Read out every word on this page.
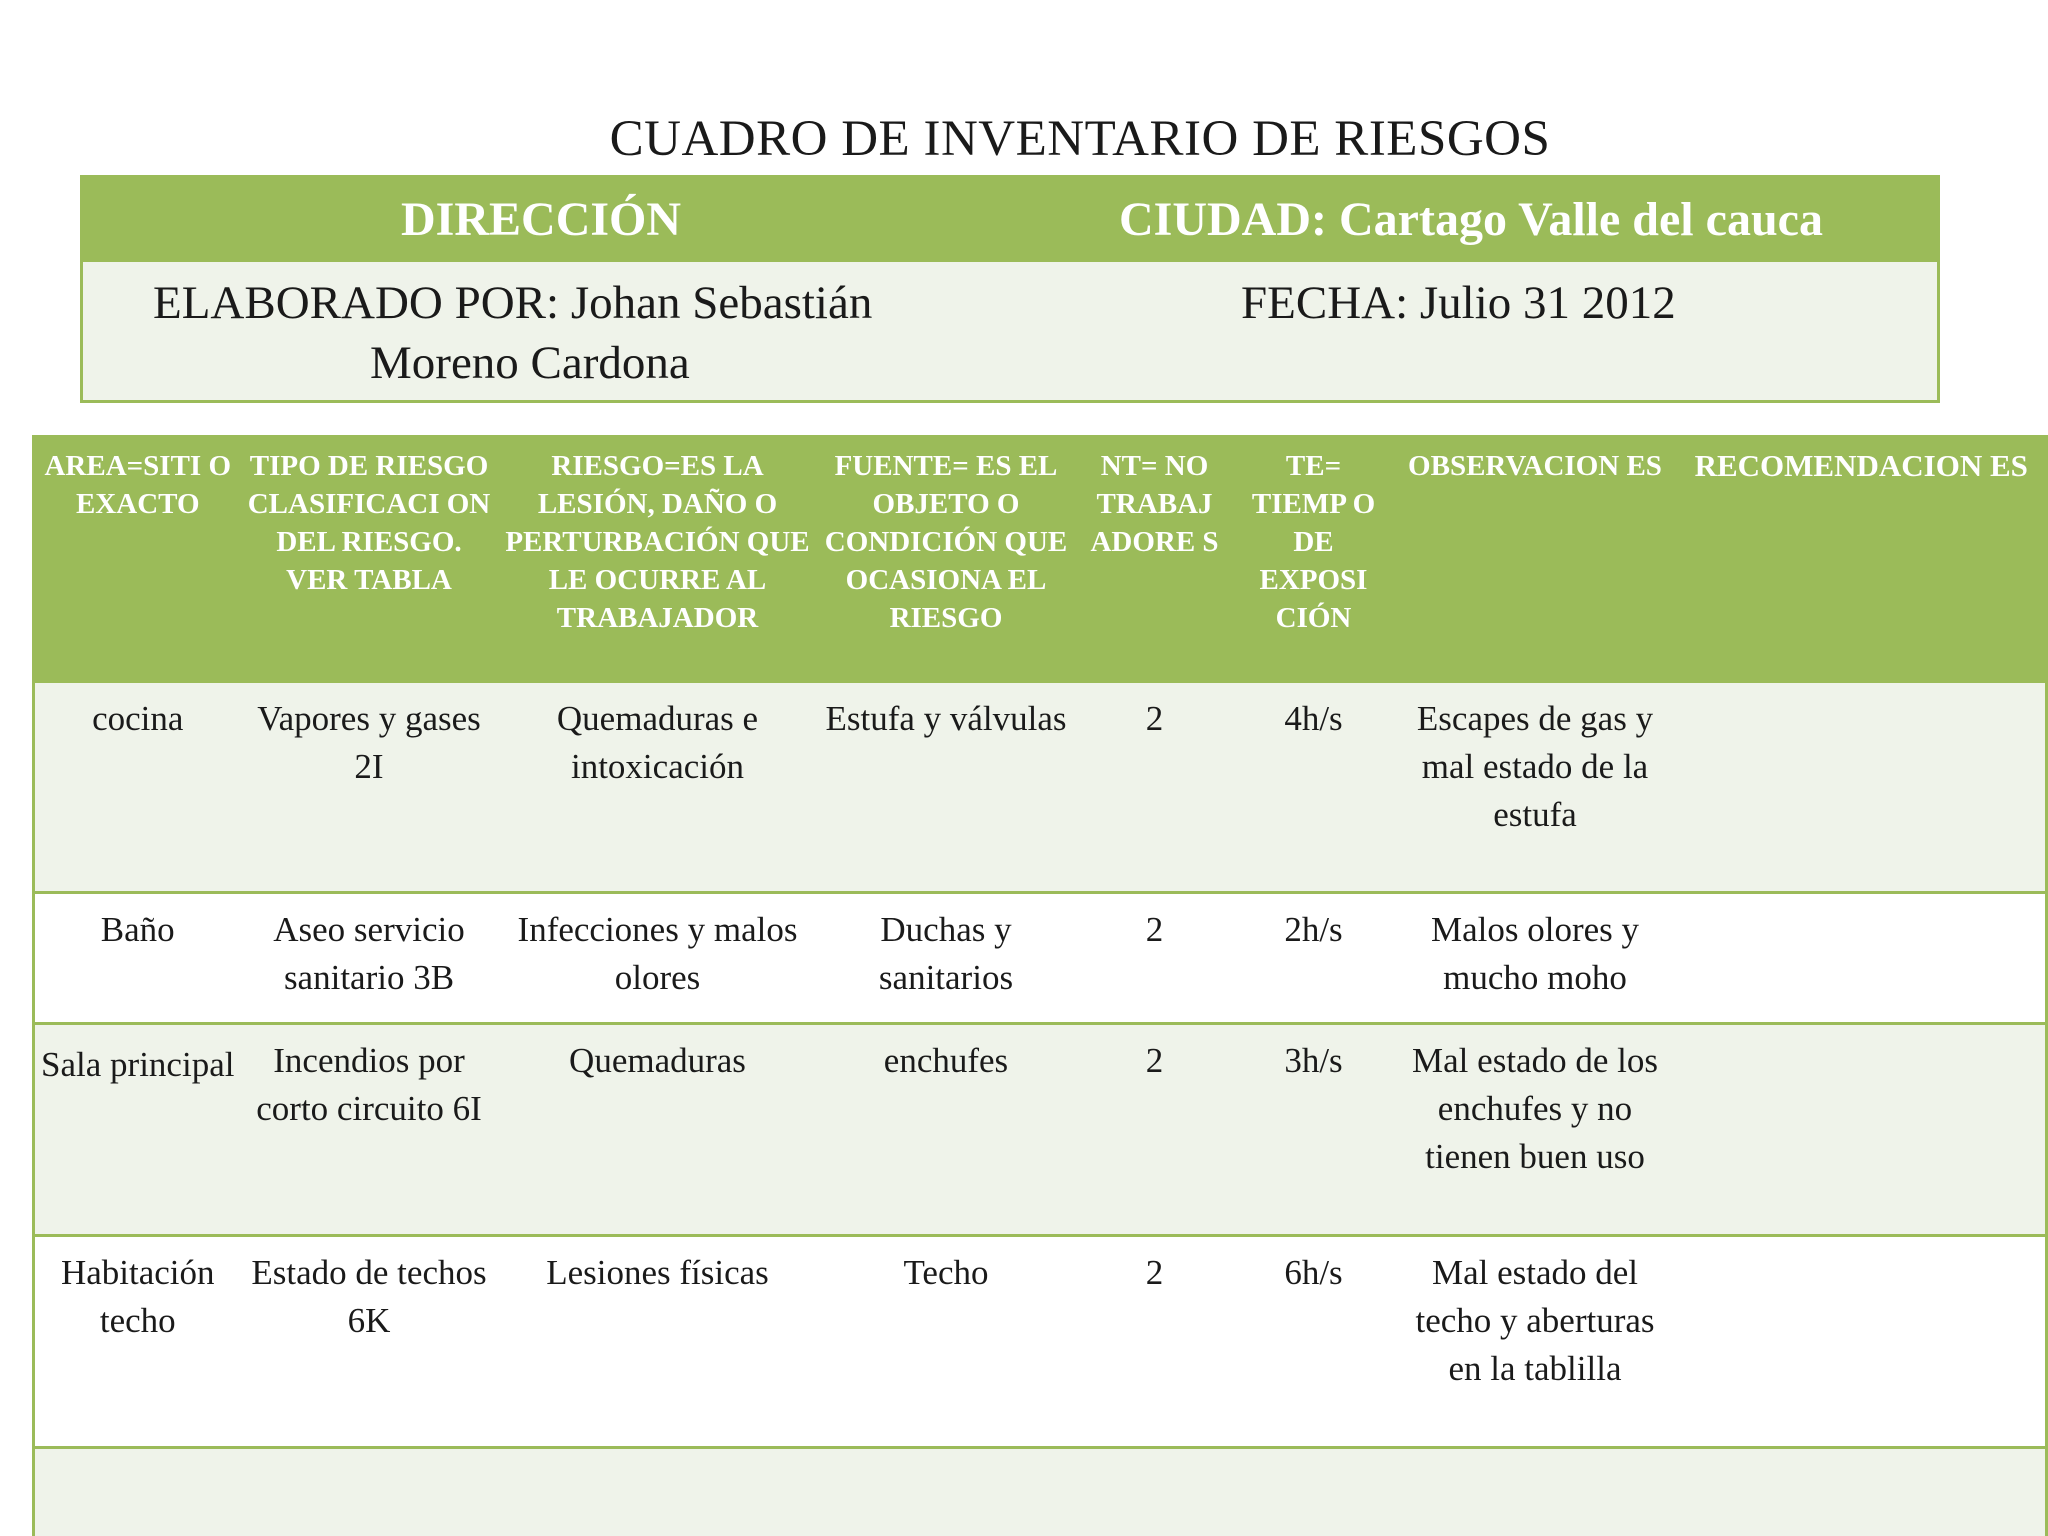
CUADRO DE INVENTARIO DE RIESGOS
DIRECCIÓN	CIUDAD: Cartago Valle del cauca
ELABORADO POR: Johan Sebastián
Moreno Cardona
FECHA: Julio 31 2012
AREA=SITI O EXACTO	TIPO DE RIESGO CLASIFICACI ON DEL RIESGO. VER TABLA	RIESGO=ES LA LESIÓN, DAÑO O PERTURBACIÓN QUE LE OCURRE AL TRABAJADOR	FUENTE= ES EL OBJETO O CONDICIÓN QUE OCASIONA EL RIESGO	NT= NO TRABAJ ADORE S	TE= TIEMP O DE EXPOSI CIÓN	OBSERVACION ES	RECOMENDACION ES
cocina	Vapores y gases 2I	Quemaduras e intoxicación	Estufa y válvulas	2	4h/s	Escapes de gas y mal estado de la estufa	
Baño	Aseo servicio sanitario 3B	Infecciones y malos olores	Duchas y sanitarios	2	2h/s	Malos olores y mucho moho	
Sala principal	Incendios por corto circuito 6I	Quemaduras	enchufes	2	3h/s	Mal estado de los enchufes y no tienen buen uso	
Habitación techo	Estado de techos 6K	Lesiones físicas	Techo	2	6h/s	Mal estado del techo y aberturas en la tablilla	
